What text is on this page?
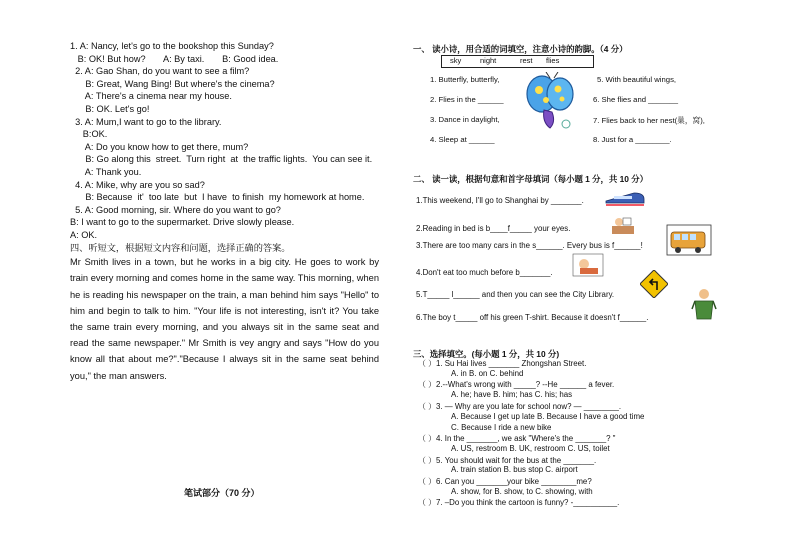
1. A: Nancy, let's go to the bookshop this Sunday?
B: OK! But how?       A: By taxi.       B: Good idea.
2. A: Gao Shan, do you want to see a film?
B: Great, Wang Bing! But where's the cinema?
A: There's a cinema near my house.
B: OK. Let's go!
3. A: Mum,I want to go to the library.
B:OK.
A: Do you know how to get there, mum?
B: Go along this  street.  Turn right  at  the traffic lights.  You can see it.
A: Thank you.
4. A: Mike, why are you so sad?
B: Because  it'  too late  but  I have  to finish  my homework at home.
5. A: Good morning, sir. Where do you want to go?
B: I want to go to the supermarket. Drive slowly please.
A: OK.
四、听短文，根据短文内容和问题，选择正确的答案。
Mr Smith lives in a town, but he works in a big city. He goes to work by train every morning and comes home in the same way. This morning, when he is reading his newspaper on the train, a man behind him says "Hello" to him and begin to talk to him. "Your life is not interesting, isn't it? You take the same train every morning, and you always sit in the same seat and read the same newspaper." Mr Smith is vey angry and says "How do you know all that about me?"."Because I always sit in the same seat behind you," the man answers.
笔试部分（70 分）
一、 读小诗，用合适的词填空，注意小诗的韵脚。（4 分）
sky	night	rest flies
1. Butterfly, butterfly,
2. Flies in the ______
3. Dance in daylight,
4. Sleep at ______
5. With beautiful wings,
6. She flies and _______
7. Flies back to her nest(巢，窝),
8. Just for a ________.
二、 读一读，根据句意和首字母填词（每小题 1 分，共 10 分）
1.This weekend, I'll go to Shanghai by _______.
2.Reading in bed is b____f_____ your eyes.
3.There are too many cars in the s______. Every bus is f______!
4.Don't eat too much before b_______.
5.T_____ l______ and then you can see the City Library.
6.The boy t_____ off his green T-shirt. Because it doesn't f______.
三、选择填空。(每小题 1 分，共 10 分)
（ ）1. Su Hai lives _______ Zhongshan Street.
A. in B. on C. behind
（ ）2.--What's wrong with _____? --He ______ a fever.
A. he; have B. him; has C. his; has
（ ）3. — Why are you late for school now? — ________.
A. Because I get up late B. Because I have a good time
C. Because I ride a new bike
（ ）4. In the _______, we ask "Where's the _______? "
A. US, restroom B. UK, restroom C. US, toilet
（ ）5. You should wait for the bus at the _______.
A. train station B. bus stop C. airport
（ ）6. Can you _______your bike ________me?
A. show, for B. show, to C. showing, with
（ ）7. –Do you think the cartoon is funny? -__________.
